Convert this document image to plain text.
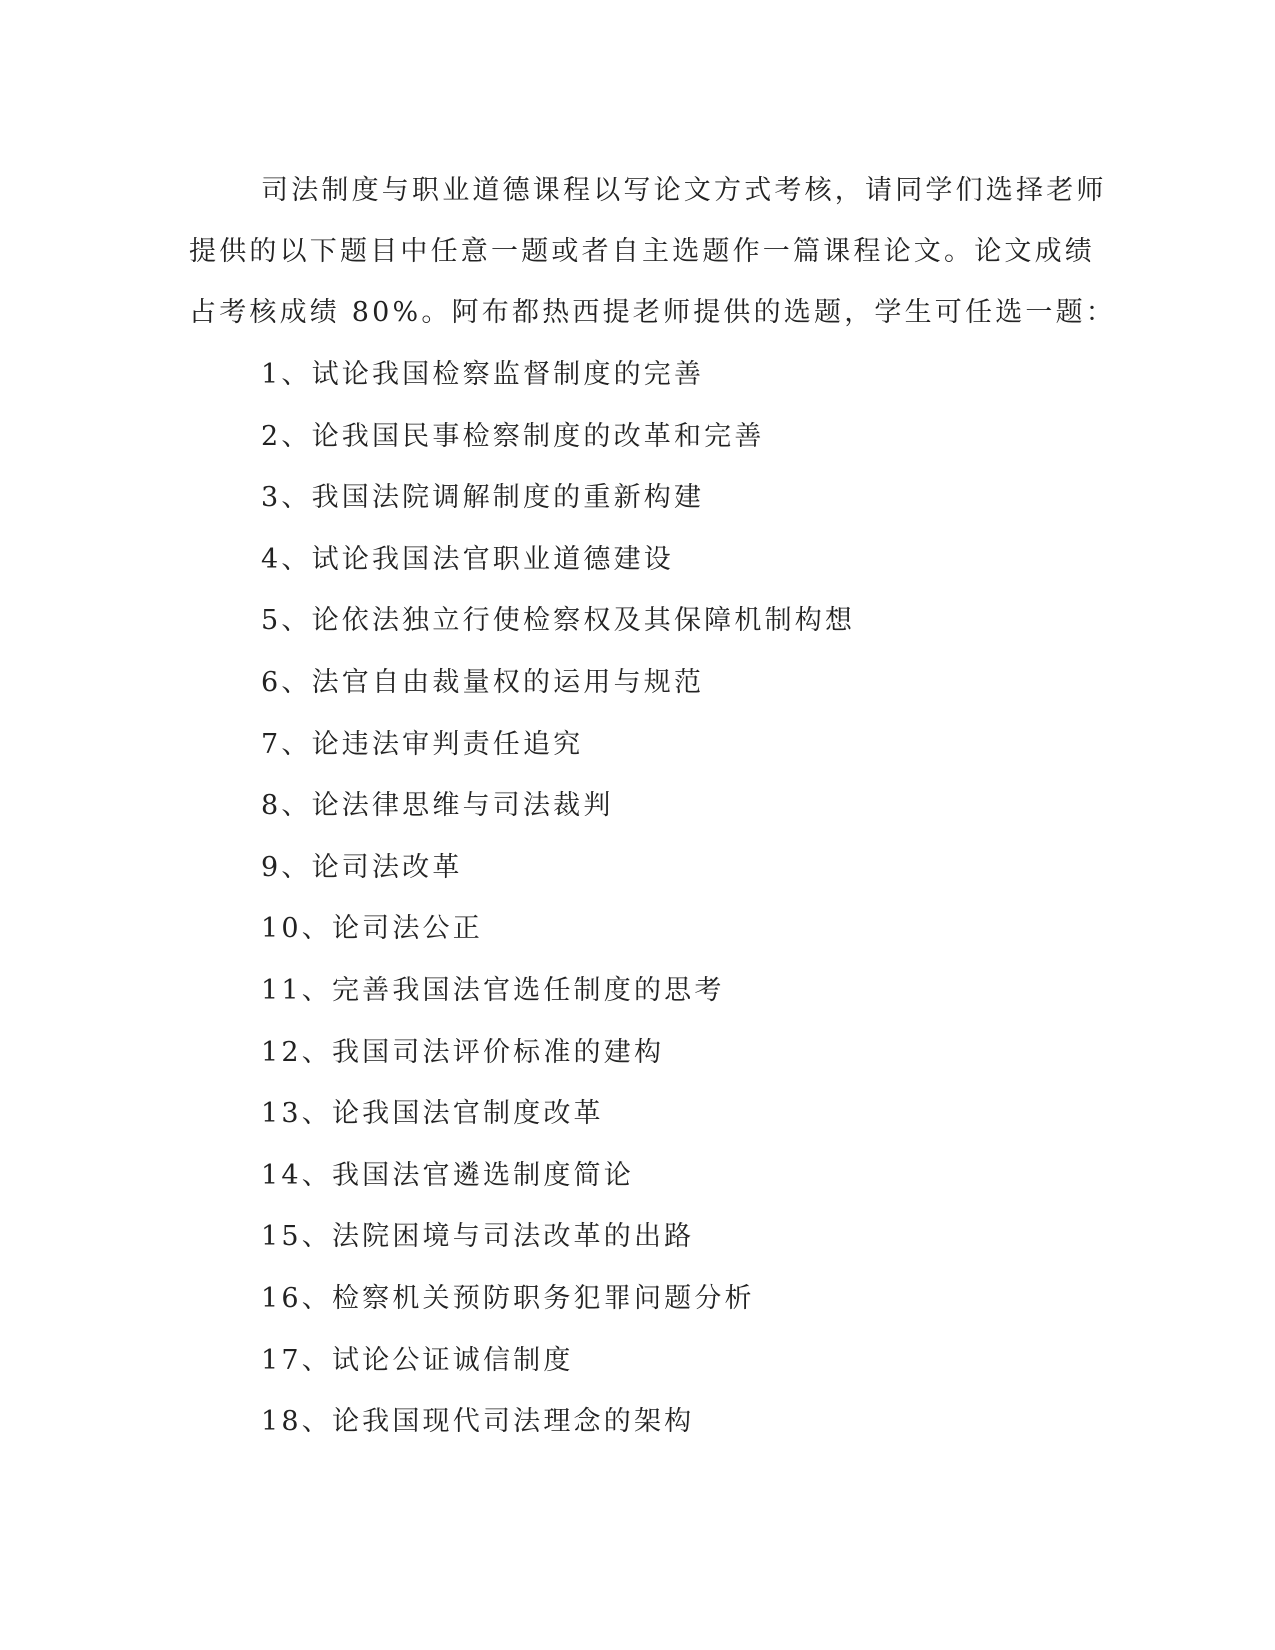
司法制度与职业道德课程以写论文方式考核，请同学们选择老师
提供的以下题目中任意一题或者自主选题作一篇课程论文。论文成绩
占考核成绩 80%。阿布都热西提老师提供的选题，学生可任选一题：

1、试论我国检察监督制度的完善
2、论我国民事检察制度的改革和完善
3、我国法院调解制度的重新构建
4、试论我国法官职业道德建设
5、论依法独立行使检察权及其保障机制构想
6、法官自由裁量权的运用与规范
7、论违法审判责任追究
8、论法律思维与司法裁判
9、论司法改革
10、论司法公正
11、完善我国法官选任制度的思考
12、我国司法评价标准的建构
13、论我国法官制度改革
14、我国法官遴选制度简论
15、法院困境与司法改革的出路
16、检察机关预防职务犯罪问题分析
17、试论公证诚信制度
18、论我国现代司法理念的架构
